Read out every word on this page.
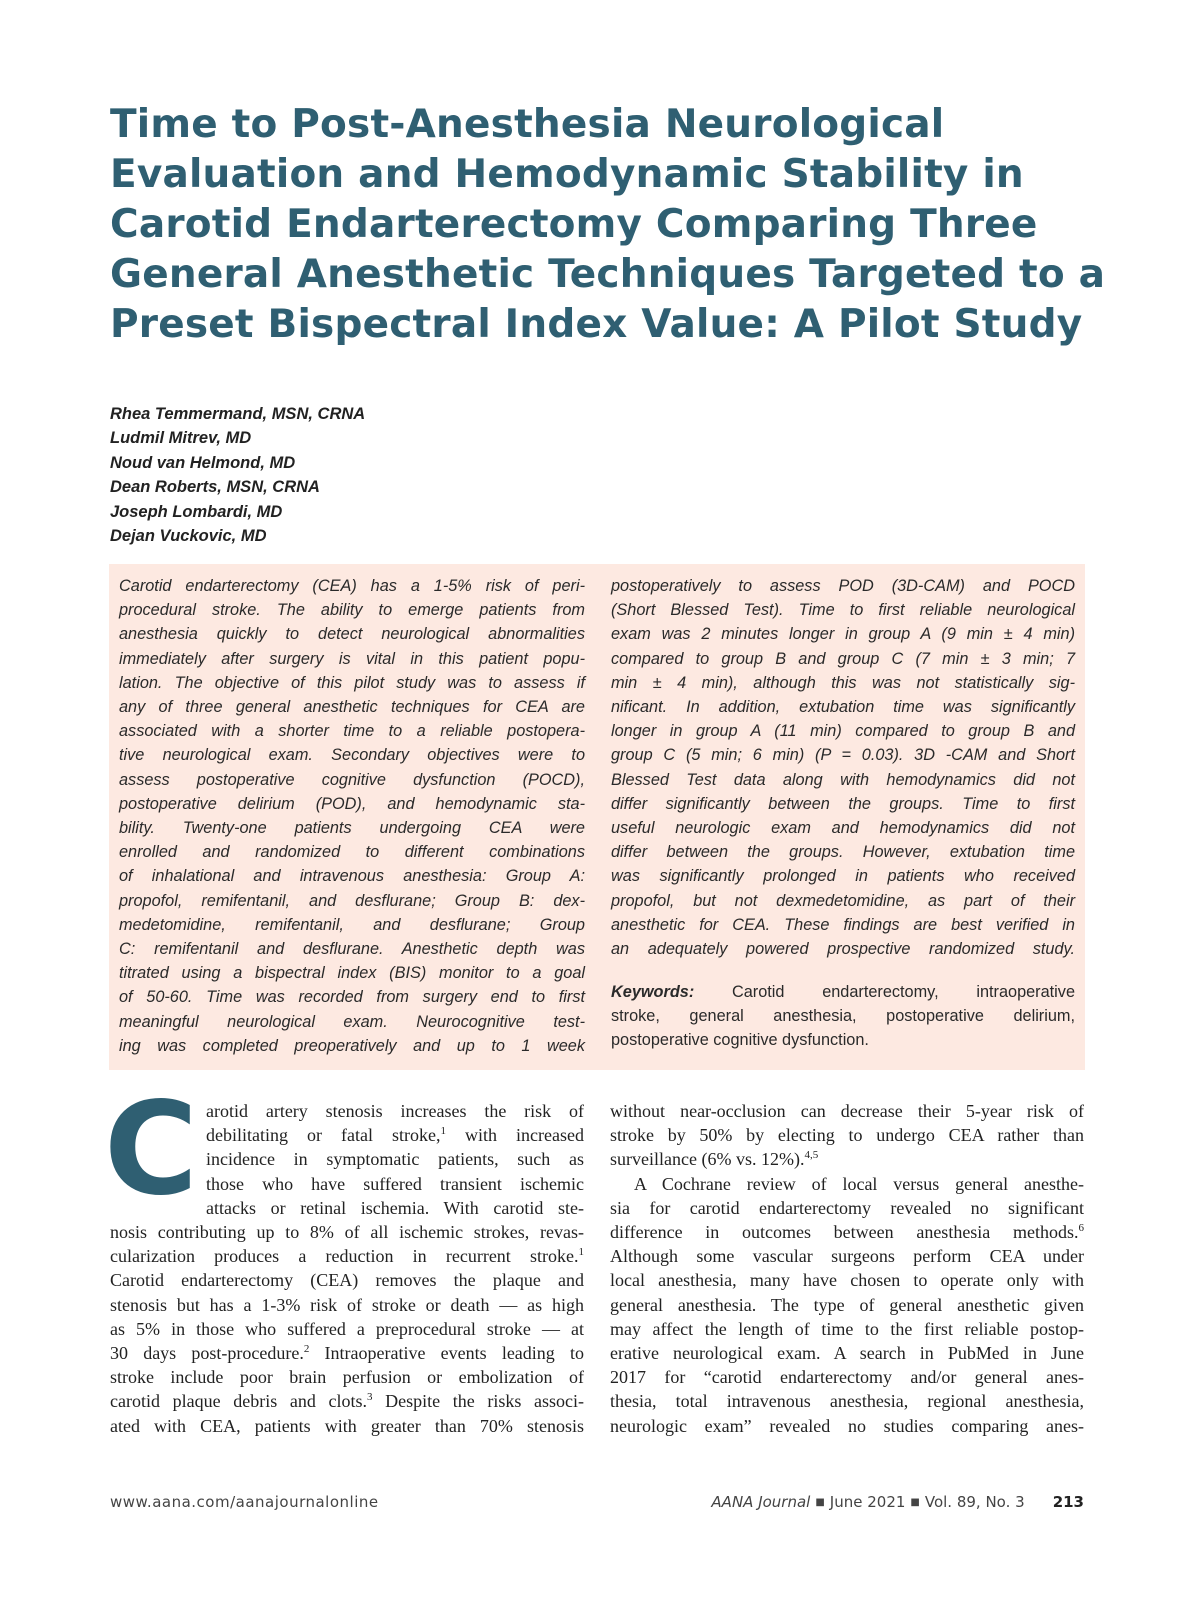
Time to Post-Anesthesia Neurological
Evaluation and Hemodynamic Stability in
Carotid Endarterectomy Comparing Three
General Anesthetic Techniques Targeted to a
Preset Bispectral Index Value: A Pilot Study
Rhea Temmermand, MSN, CRNA
Ludmil Mitrev, MD
Noud van Helmond, MD
Dean Roberts, MSN, CRNA
Joseph Lombardi, MD
Dejan Vuckovic, MD
Carotid endarterectomy (CEA) has a 1-5% risk of peri-
procedural stroke. The ability to emerge patients from
anesthesia quickly to detect neurological abnormalities
immediately after surgery is vital in this patient popu-
lation. The objective of this pilot study was to assess if
any of three general anesthetic techniques for CEA are
associated with a shorter time to a reliable postopera-
tive neurological exam. Secondary objectives were to
assess postoperative cognitive dysfunction (POCD),
postoperative delirium (POD), and hemodynamic sta-
bility. Twenty-one patients undergoing CEA were
enrolled and randomized to different combinations
of inhalational and intravenous anesthesia: Group A:
propofol, remifentanil, and desflurane; Group B: dex-
medetomidine, remifentanil, and desflurane; Group
C: remifentanil and desflurane. Anesthetic depth was
titrated using a bispectral index (BIS) monitor to a goal
of 50-60. Time was recorded from surgery end to first
meaningful neurological exam. Neurocognitive test-
ing was completed preoperatively and up to 1 week
postoperatively to assess POD (3D-CAM) and POCD
(Short Blessed Test). Time to first reliable neurological
exam was 2 minutes longer in group A (9 min ± 4 min)
compared to group B and group C (7 min ± 3 min; 7
min ± 4 min), although this was not statistically sig-
nificant. In addition, extubation time was significantly
longer in group A (11 min) compared to group B and
group C (5 min; 6 min) (P = 0.03). 3D -CAM and Short
Blessed Test data along with hemodynamics did not
differ significantly between the groups. Time to first
useful neurologic exam and hemodynamics did not
differ between the groups. However, extubation time
was significantly prolonged in patients who received
propofol, but not dexmedetomidine, as part of their
anesthetic for CEA. These findings are best verified in
an adequately powered prospective randomized study.
Keywords: Carotid endarterectomy, intraoperative
stroke, general anesthesia, postoperative delirium,
postoperative cognitive dysfunction.
C arotid artery stenosis increases the risk of
debilitating or fatal stroke,$^1$ with increased
incidence in symptomatic patients, such as
those who have suffered transient ischemic
attacks or retinal ischemia. With carotid ste-
nosis contributing up to 8% of all ischemic strokes, revas-
cularization produces a reduction in recurrent stroke.$^1$
Carotid endarterectomy (CEA) removes the plaque and
stenosis but has a 1-3% risk of stroke or death — as high
as 5% in those who suffered a preprocedural stroke — at
30 days post-procedure.$^2$ Intraoperative events leading to
stroke include poor brain perfusion or embolization of
carotid plaque debris and clots.$^3$ Despite the risks associ-
ated with CEA, patients with greater than 70% stenosis
without near-occlusion can decrease their 5-year risk of
stroke by 50% by electing to undergo CEA rather than
surveillance (6% vs. 12%).$^{4,5}$
A Cochrane review of local versus general anesthe-
sia for carotid endarterectomy revealed no significant
difference in outcomes between anesthesia methods.$^6$
Although some vascular surgeons perform CEA under
local anesthesia, many have chosen to operate only with
general anesthesia. The type of general anesthetic given
may affect the length of time to the first reliable postop-
erative neurological exam. A search in PubMed in June
2017 for “carotid endarterectomy and/or general anes-
thesia, total intravenous anesthesia, regional anesthesia,
neurologic exam” revealed no studies comparing anes-
www.aana.com/aanajournalonline	AANA Journal ■ June 2021 ■ Vol. 89, No. 3 213
